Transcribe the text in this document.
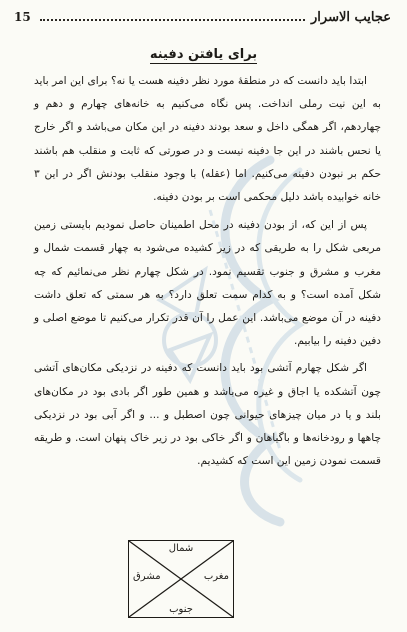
عجایب الاسرار
15
برای یافتن دفینه

ابتدا باید دانست که در منطقهٔ مورد نظر دفینه هست یا نه؟ برای این امر باید به این نیت رملی انداخت. پس نگاه می‌کنیم به خانه‌های چهارم و دهم و چهاردهم، اگر همگی داخل و سعد بودند دفینه در این مکان می‌باشد و اگر خارج یا نحس باشند در این جا دفینه نیست و در صورتی که ثابت و منقلب هم باشند حکم بر نبودن دفینه می‌کنیم. اما (عقله) با وجود منقلب بودنش اگر در این ۳ خانه خوابیده باشد دلیل محکمی است بر بودن دفینه.

پس از این که، از بودن دفینه در محل اطمینان حاصل نمودیم بایستی زمین مربعی شکل را به طریقی که در زیر کشیده می‌شود به چهار قسمت شمال و مغرب و مشرق و جنوب تقسیم نمود. در شکل چهارم نظر می‌نمائیم که چه شکل آمده است؟ و به کدام سمت تعلق دارد؟ به هر سمتی که تعلق داشت دفینه در آن موضع می‌باشد. این عمل را آن قدر تکرار می‌کنیم تا موضع اصلی و دفین دفینه را بیابیم.

اگر شکل چهارم آتشی بود باید دانست که دفینه در نزدیکی مکان‌های آتشی چون آتشکده یا اجاق و غیره می‌باشد و همین طور اگر بادی بود در مکان‌های بلند و یا در میان چیزهای حیوانی چون اصطبل و ... و اگر آبی بود در نزدیکی چاهها و رودخانه‌ها و باگیاهان و اگر خاکی بود در زیر خاک پنهان است. و طریقه قسمت نمودن زمین این است که کشیدیم.

شمال
مغرب
مشرق
جنوب
